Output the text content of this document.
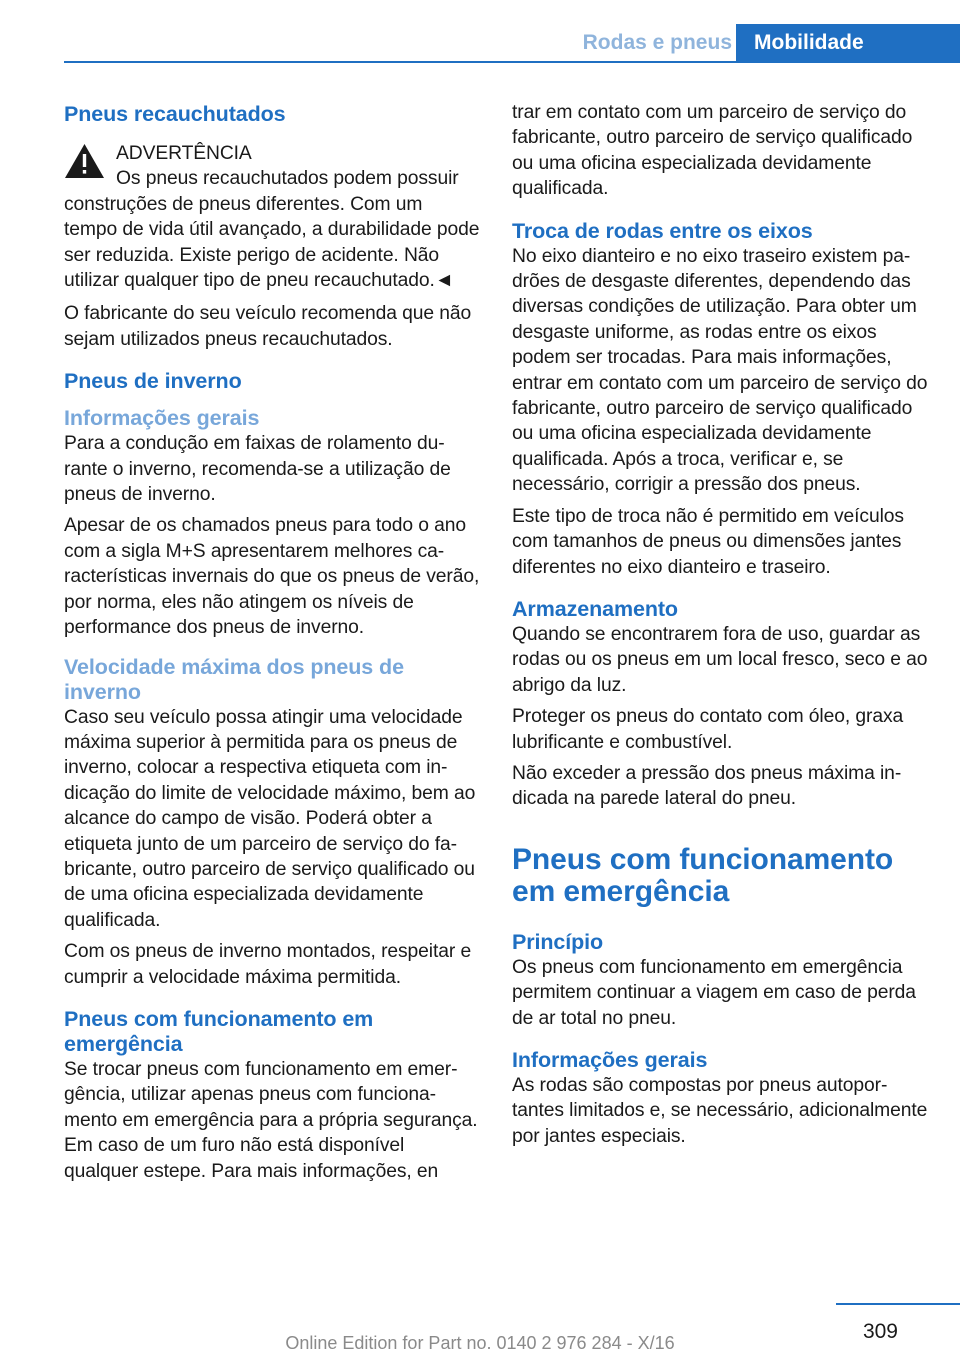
Rodas e pneus	Mobilidade
Pneus recauchutados
ADVERTÊNCIA
Os pneus recauchutados podem possuir construções de pneus diferentes. Com um tempo de vida útil avançado, a durabilidade pode ser reduzida. Existe perigo de acidente. Não utilizar qualquer tipo de pneu recauchutado.◄

O fabricante do seu veículo recomenda que não sejam utilizados pneus recauchutados.

Pneus de inverno
Informações gerais

Para a condução em faixas de rolamento durante o inverno, recomenda-se a utilização de pneus de inverno.

Apesar de os chamados pneus para todo o ano com a sigla M+S apresentarem melhores características invernais do que os pneus de verão, por norma, eles não atingem os níveis de performance dos pneus de inverno.

Velocidade máxima dos pneus de inverno

Caso seu veículo possa atingir uma velocidade máxima superior à permitida para os pneus de inverno, colocar a respectiva etiqueta com indicação do limite de velocidade máximo, bem ao alcance do campo de visão. Poderá obter a etiqueta junto de um parceiro de serviço do fabricante, outro parceiro de serviço qualificado ou de uma oficina especializada devidamente qualificada.

Com os pneus de inverno montados, respeitar e cumprir a velocidade máxima permitida.

Pneus com funcionamento em emergência

Se trocar pneus com funcionamento em emergência, utilizar apenas pneus com funcionamento em emergência para a própria segurança. Em caso de um furo não está disponível qualquer estepe. Para mais informações, en

trar em contato com um parceiro de serviço do fabricante, outro parceiro de serviço qualificado ou uma oficina especializada devidamente qualificada.

Troca de rodas entre os eixos

No eixo dianteiro e no eixo traseiro existem padrões de desgaste diferentes, dependendo das diversas condições de utilização. Para obter um desgaste uniforme, as rodas entre os eixos podem ser trocadas. Para mais informações, entrar em contato com um parceiro de serviço do fabricante, outro parceiro de serviço qualificado ou uma oficina especializada devidamente qualificada. Após a troca, verificar e, se necessário, corrigir a pressão dos pneus.

Este tipo de troca não é permitido em veículos com tamanhos de pneus ou dimensões jantes diferentes no eixo dianteiro e traseiro.

Armazenamento

Quando se encontrarem fora de uso, guardar as rodas ou os pneus em um local fresco, seco e ao abrigo da luz.

Proteger os pneus do contato com óleo, graxa lubrificante e combustível.

Não exceder a pressão dos pneus máxima indicada na parede lateral do pneu.

Pneus com funcionamento em emergência
Princípio

Os pneus com funcionamento em emergência permitem continuar a viagem em caso de perda de ar total no pneu.

Informações gerais

As rodas são compostas por pneus autoportantes limitados e, se necessário, adicionalmente por jantes especiais.

309
Online Edition for Part no. 0140 2 976 284 - X/16
